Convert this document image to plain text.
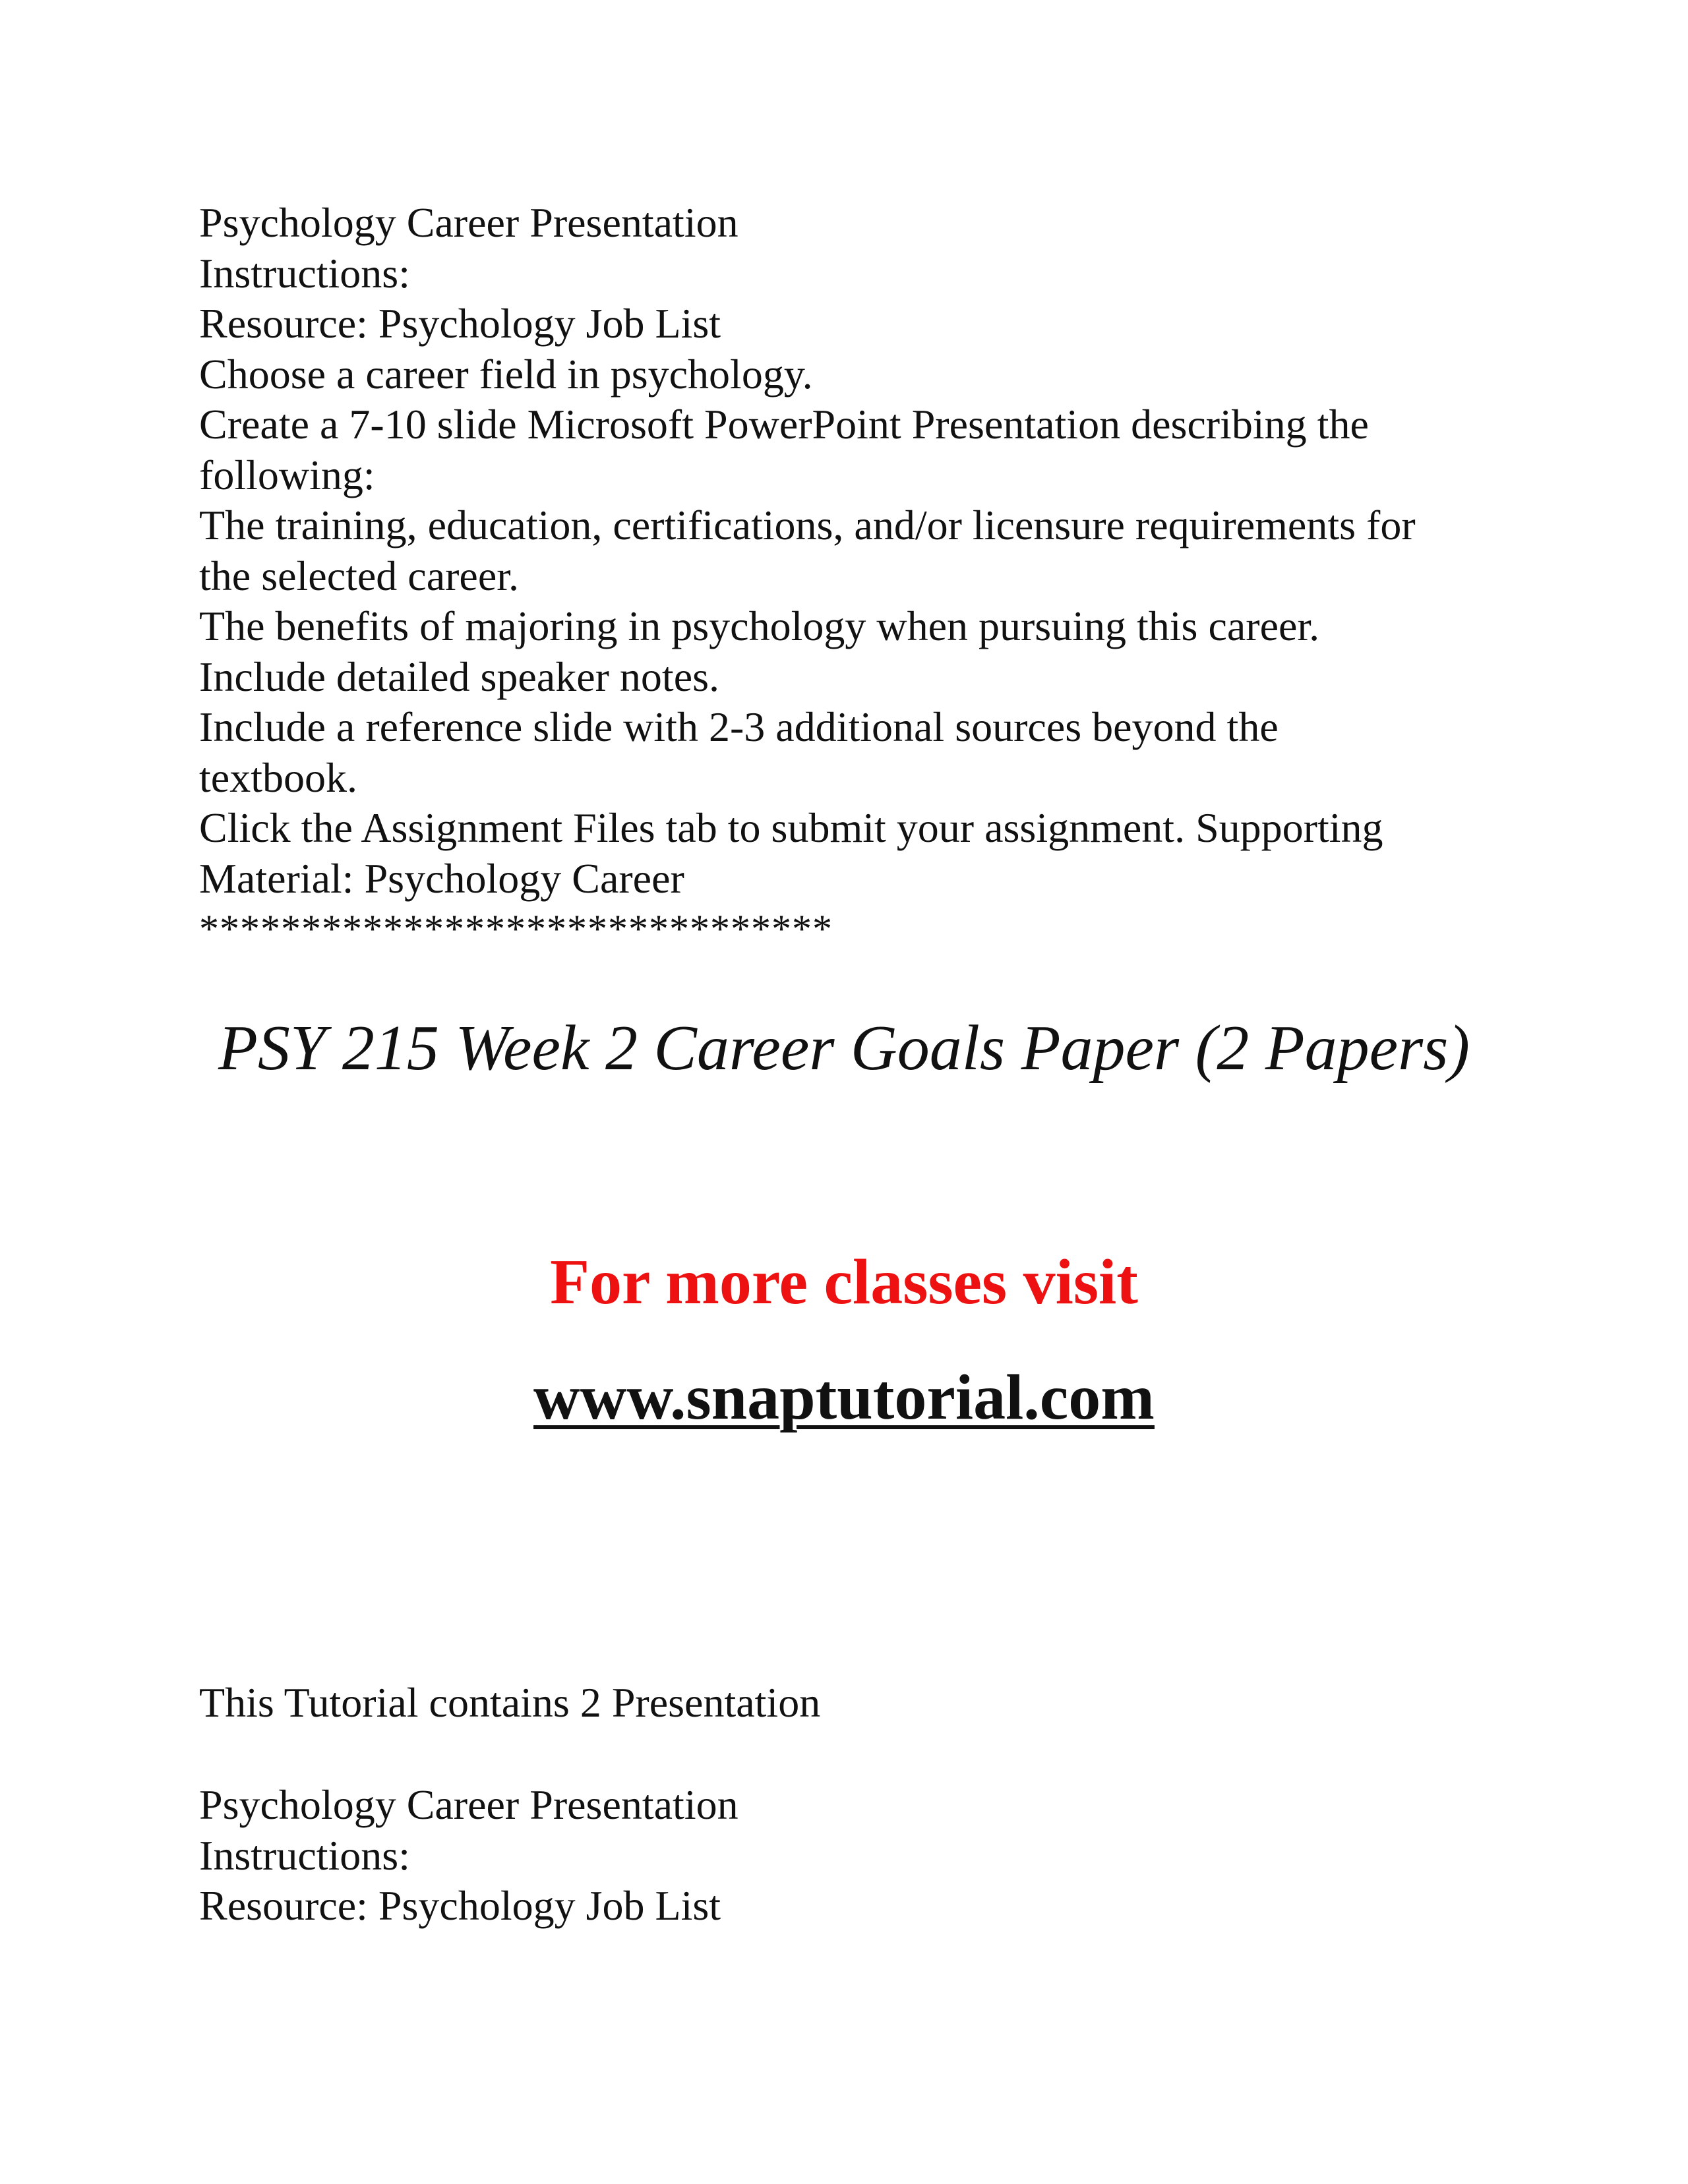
Psychology Career Presentation
Instructions:
Resource: Psychology Job List
Choose a career field in psychology.
Create a 7-10 slide Microsoft PowerPoint Presentation describing the
following:
The training, education, certifications, and/or licensure requirements for
the selected career.
The benefits of majoring in psychology when pursuing this career.
Include detailed speaker notes.
Include a reference slide with 2-3 additional sources beyond the
textbook.
Click the Assignment Files tab to submit your assignment. Supporting
Material: Psychology Career
*******************************
PSY 215 Week 2 Career Goals Paper (2 Papers)
For more classes visit
www.snaptutorial.com
This Tutorial contains 2 Presentation
Psychology Career Presentation
Instructions:
Resource: Psychology Job List
